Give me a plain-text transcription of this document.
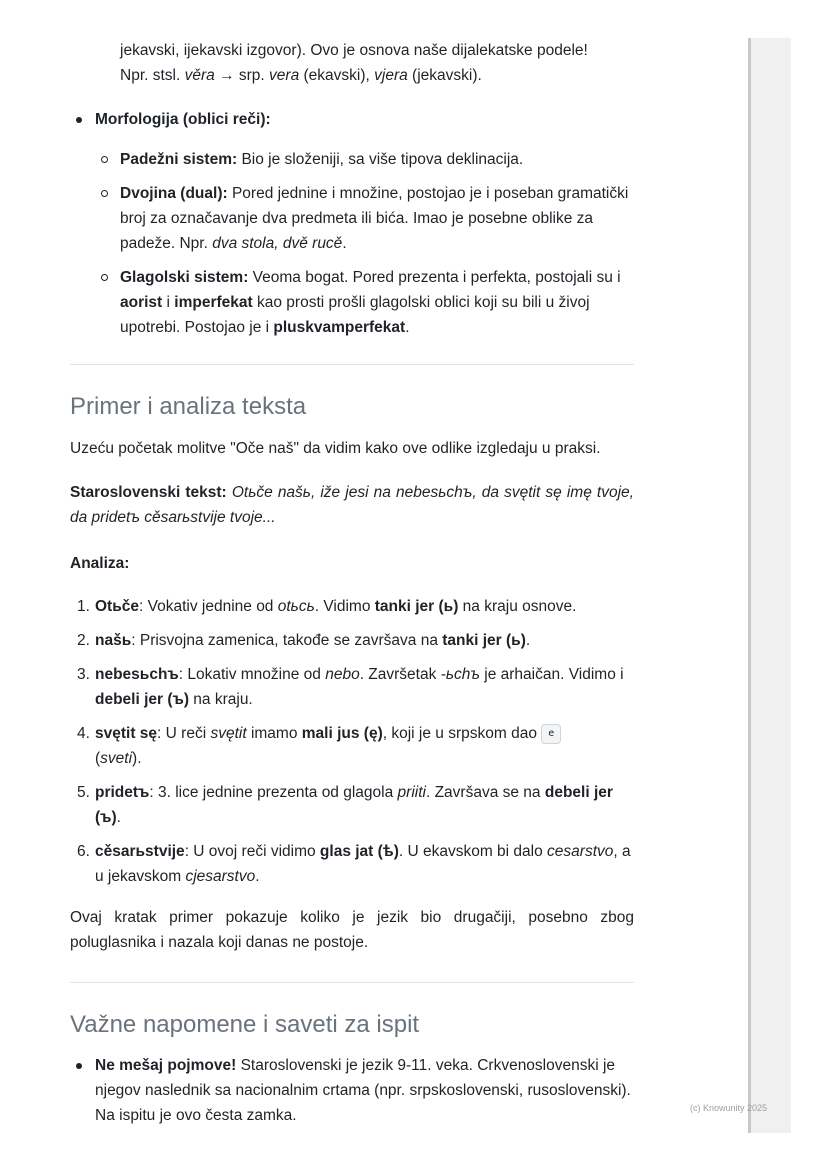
jekavski, ijekavski izgovor). Ovo je osnova naše dijalekatske podele!

Npr. stsl. věra → srp. vera (ekavski), vjera (jekavski).

Morfologija (oblici reči):
Padežni sistem: Bio je složeniji, sa više tipova deklinacija.
Dvojina (dual): Pored jednine i množine, postojao je i poseban gramatički broj za označavanje dva predmeta ili bića. Imao je posebne oblike za padeže. Npr. dva stola, dvě rucě.
Glagolski sistem: Veoma bogat. Pored prezenta i perfekta, postojali su i aorist i imperfekat kao prosti prošli glagolski oblici koji su bili u živoj upotrebi. Postojao je i pluskvamperfekat.
Primer i analiza teksta

Uzeću početak molitve "Oče naš" da vidim kako ove odlike izgledaju u praksi.

Staroslovenski tekst: Otьče našь, iže jesi na nebesьchъ, da svętit sę imę tvoje, da pridetъ cěsarьstvije tvoje...

Analiza:

1. Otьče: Vokativ jednine od otьcь. Vidimo tanki jer (ь) na kraju osnove.
2. našь: Prisvojna zamenica, takođe se završava na tanki jer (ь).
3. nebesьchъ: Lokativ množine od nebo. Završetak -ьchъ je arhaičan. Vidimo i debeli jer (ъ) na kraju.
4. svętit sę: U reči svętit imamo mali jus (ę), koji je u srpskom dao e
(sveti).
5. pridetъ: 3. lice jednine prezenta od glagola priiti. Završava se na debeli jer (ъ).
6. cěsarьstvije: U ovoj reči vidimo glas jat (ѣ). U ekavskom bi dalo cesarstvo, a u jekavskom cjesarstvo.

Ovaj kratak primer pokazuje koliko je jezik bio drugačiji, posebno zbog poluglasnika i nazala koji danas ne postoje.

Važne napomene i saveti za ispit
Ne mešaj pojmove! Staroslovenski je jezik 9-11. veka. Crkvenoslovenski je njegov naslednik sa nacionalnim crtama (npr. srpskoslovenski, rusoslovenski). Na ispitu je ovo česta zamka.	(c) Knowunity 2025
